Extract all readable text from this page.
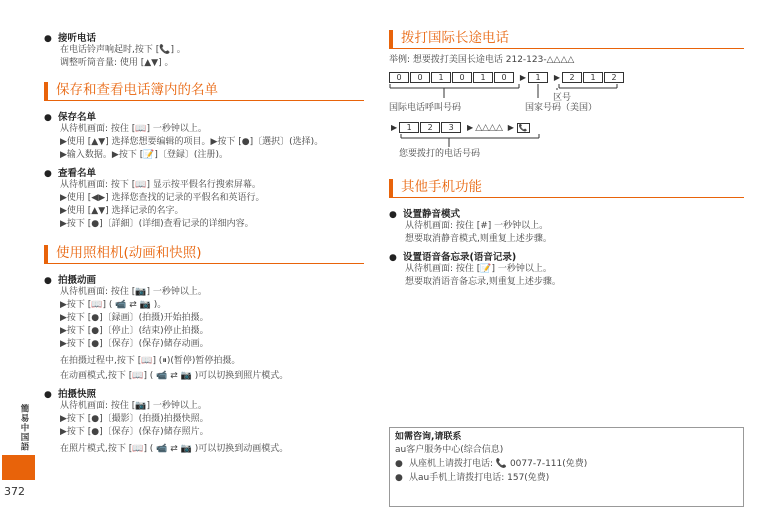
● 接听电话
在电话铃声响起时,按下 [📞] 。
调整听筒音量: 使用 [▲▼] 。
保存和查看电话簿内的名单
● 保存名单
从待机画面: 按住 [📖] 一秒钟以上。
▶使用 [▲▼] 选择您想要编辑的项目。▶按下 [●]〔選択〕(选择)。
▶输入数据。▶按下 [📝]〔登録〕(注册)。
● 查看名单
从待机画面: 按下 [📖] 显示按平假名行搜索屏幕。
▶使用 [◀▶] 选择您查找的记录的平假名和英语行。
▶使用 [▲▼] 选择记录的名字。
▶按下 [●]〔詳細〕(详细)查看记录的详细内容。
使用照相机(动画和快照)
● 拍摄动画
从待机画面: 按住 [📷] 一秒钟以上。
▶按下 [📖] ( 📹 ⇄ 📷 )。
▶按下 [●]〔録画〕(拍摄)开始拍摄。
▶按下 [●]〔停止〕(结束)停止拍摄。
▶按下 [●]〔保存〕(保存)储存动画。
在拍摄过程中,按下 [📖] (⏸)(暂停)暂停拍摄。
在动画模式,按下 [📖] ( 📹 ⇄ 📷 )可以切换到照片模式。
● 拍摄快照
从待机画面: 按住 [📷] 一秒钟以上。
▶按下 [●]〔撮影〕(拍摄)拍摄快照。
▶按下 [●]〔保存〕(保存)储存照片。
在照片模式,按下 [📖] ( 📹 ⇄ 📷 )可以切换到动画模式。
簡易中国語
372
拨打国际长途电话
举例: 想要拨打美国长途电话 212-123-△△△△
0 0 1 0 1 0 ▶ 1 ▶ 2 1 2
区号
国际电话呼叫号码	国家号码（美国）
▶ 1 2 3 ▶ △△△△ ▶ 📞
您要拨打的电话号码
其他手机功能
● 设置静音模式
从待机画面: 按住 [#] 一秒钟以上。
想要取消静音模式,则重复上述步骤。
● 设置语音备忘录(语音记录)
从待机画面: 按住 [📝] 一秒钟以上。
想要取消语音备忘录,则重复上述步骤。
如需咨询,请联系
au客户服务中心(综合信息)
● 从座机上请拨打电话: 📞 0077-7-111(免费)
● 从au手机上请拨打电话: 157(免费)
